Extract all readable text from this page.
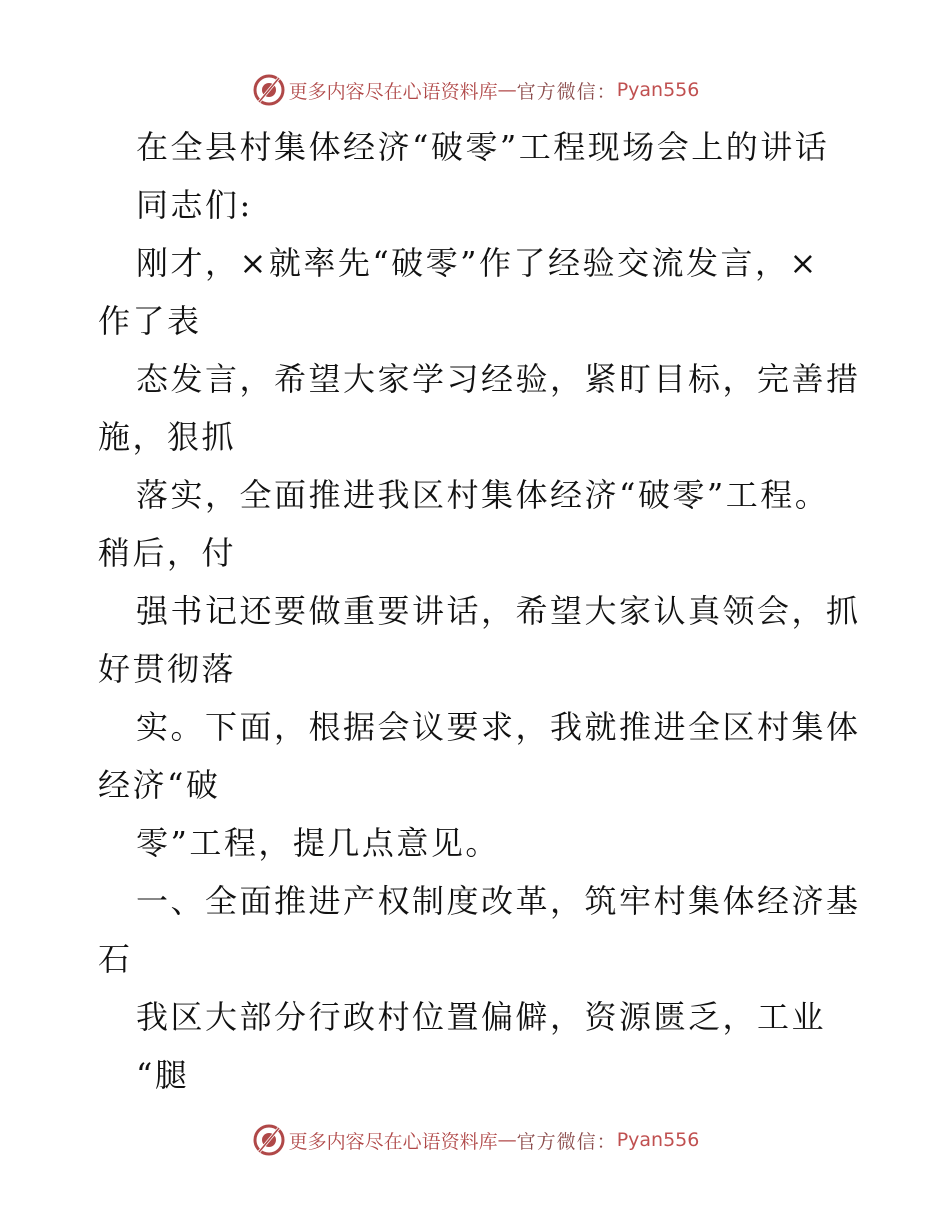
更多内容尽在心语资料库 — 官方微信： Pyan556
在全县村集体经济“破零”工程现场会上的讲话
同志们:
刚才，×就率先“破零”作了经验交流发言，×
作了表
态发言，希望大家学习经验，紧盯目标，完善措
施，狠抓
落实，全面推进我区村集体经济“破零”工程。
稍后，付
强书记还要做重要讲话，希望大家认真领会，抓
好贯彻落
实。下面，根据会议要求，我就推进全区村集体
经济“破
零”工程，提几点意见。
一、全面推进产权制度改革，筑牢村集体经济基
石
我区大部分行政村位置偏僻，资源匮乏，工业
“腿
更多内容尽在心语资料库 — 官方微信： Pyan556
